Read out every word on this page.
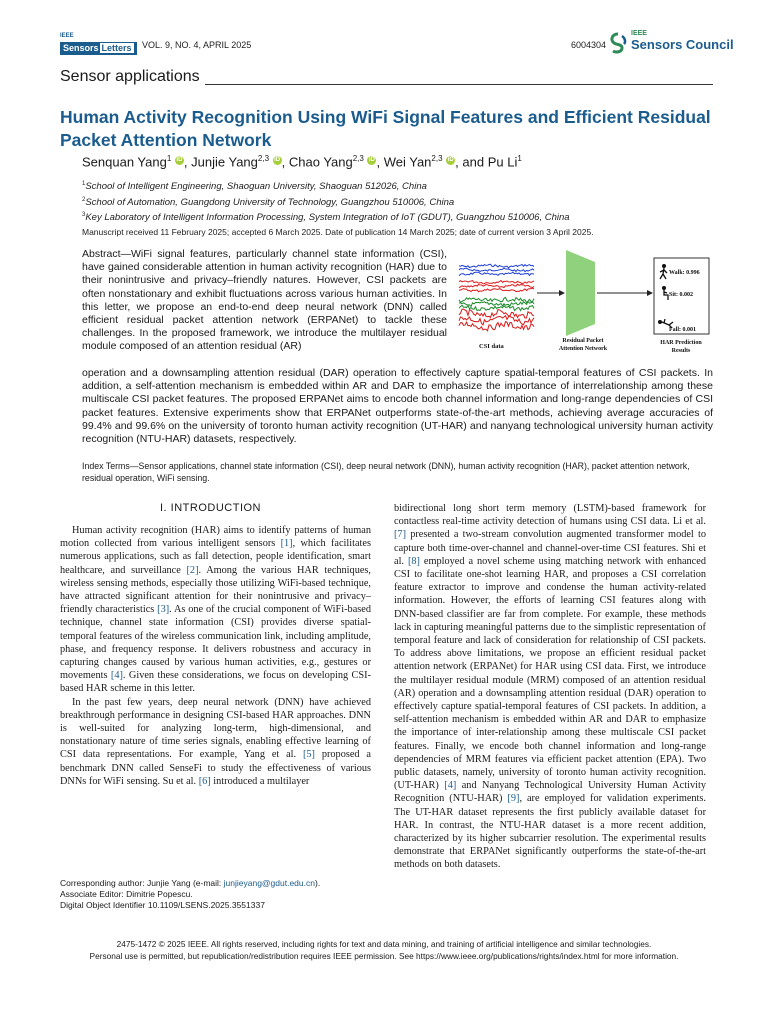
IEEE
Sensors Letters	VOL. 9, NO. 4, APRIL 2025	6004304
IEEE
Sensors Council
Sensor applications
Human Activity Recognition Using WiFi Signal Features and Efficient Residual Packet Attention Network
Senquan Yang$^1$ iD , Junjie Yang$^{2,3}$ iD , Chao Yang$^{2,3}$ iD , Wei Yan$^{2,3}$ iD , and Pu Li$^1$
$^1$School of Intelligent Engineering, Shaoguan University, Shaoguan 512026, China
$^2$School of Automation, Guangdong University of Technology, Guangzhou 510006, China
$^3$Key Laboratory of Intelligent Information Processing, System Integration of IoT (GDUT), Guangzhou 510006, China
Manuscript received 11 February 2025; accepted 6 March 2025. Date of publication 14 March 2025; date of current version 3 April 2025.
Abstract—WiFi signal features, particularly channel state information (CSI), have gained considerable attention in human activity recognition (HAR) due to their nonintrusive and privacy–friendly natures. However, CSI packets are often nonstationary and exhibit fluctuations across various human activities. In this letter, we propose an end-to-end deep neural network (DNN) called efficient residual packet attention network (ERPANet) to tackle these challenges. In the proposed framework, we introduce the multilayer residual module composed of an attention residual (AR)	CSI data
Residual Packet
Attention Network
Walk: 0.996
Sit: 0.002
Fall: 0.001
HAR Prediction
Results
operation and a downsampling attention residual (DAR) operation to effectively capture spatial-temporal features of CSI packets. In addition, a self-attention mechanism is embedded within AR and DAR to emphasize the importance of interrelationship among these multiscale CSI packet features. The proposed ERPANet aims to encode both channel information and long-range dependencies of CSI packet features. Extensive experiments show that ERPANet outperforms state-of-the-art methods, achieving average accuracies of 99.4% and 99.6% on the university of toronto human activity recognition (UT-HAR) and nanyang technological university human activity recognition (NTU-HAR) datasets, respectively.
Index Terms—Sensor applications, channel state information (CSI), deep neural network (DNN), human activity recognition (HAR), packet attention network, residual operation, WiFi sensing.
I. INTRODUCTION

Human activity recognition (HAR) aims to identify patterns of human motion collected from various intelligent sensors [1], which facilitates numerous applications, such as fall detection, people identification, smart healthcare, and surveillance [2]. Among the various HAR techniques, wireless sensing methods, especially those utilizing WiFi-based technique, have attracted significant attention for their nonintrusive and privacy–friendly characteristics [3]. As one of the crucial component of WiFi-based technique, channel state information (CSI) provides diverse spatial-temporal features of the wireless communication link, including amplitude, phase, and frequency response. It delivers robustness and accuracy in capturing changes caused by various human activities, e.g., gestures or movements [4]. Given these considerations, we focus on developing CSI-based HAR scheme in this letter.

In the past few years, deep neural network (DNN) have achieved breakthrough performance in designing CSI-based HAR approaches. DNN is well-suited for analyzing long-term, high-dimensional, and nonstationary nature of time series signals, enabling effective learning of CSI data representations. For example, Yang et al. [5] proposed a benchmark DNN called SenseFi to study the effectiveness of various DNNs for WiFi sensing. Su et al. [6] introduced a multilayer

bidirectional long short term memory (LSTM)-based framework for contactless real-time activity detection of humans using CSI data. Li et al. [7] presented a two-stream convolution augmented transformer model to capture both time-over-channel and channel-over-time CSI features. Shi et al. [8] employed a novel scheme using matching network with enhanced CSI to facilitate one-shot learning HAR, and proposes a CSI correlation feature extractor to improve and condense the human activity-related information. However, the efforts of learning CSI features along with DNN-based classifier are far from complete. For example, these methods lack in capturing meaningful patterns due to the simplistic representation of temporal feature and lack of consideration for relationship of CSI packets. To address above limitations, we propose an efficient residual packet attention network (ERPANet) for HAR using CSI data. First, we introduce the multilayer residual module (MRM) composed of an attention residual (AR) operation and a downsampling attention residual (DAR) operation to effectively capture spatial-temporal features of CSI packets. In addition, a self-attention mechanism is embedded within AR and DAR to emphasize the importance of inter-relationship among these multiscale CSI packet features. Finally, we encode both channel information and long-range dependencies of MRM features via efficient packet attention (EPA). Two public datasets, namely, university of toronto human activity recognition. (UT-HAR) [4] and Nanyang Technological University Human Activity Recognition (NTU-HAR) [9], are employed for validation experiments. The UT-HAR dataset represents the first publicly available dataset for HAR. In contrast, the NTU-HAR dataset is a more recent addition, characterized by its higher subcarrier resolution. The experimental results demonstrate that ERPANet significantly outperforms the state-of-the-art methods on both datasets.

Corresponding author: Junjie Yang (e-mail: junjieyang@gdut.edu.cn).
Associate Editor: Dimitrie Popescu.
Digital Object Identifier 10.1109/LSENS.2025.3551337
2475-1472 © 2025 IEEE. All rights reserved, including rights for text and data mining, and training of artificial intelligence and similar technologies.
Personal use is permitted, but republication/redistribution requires IEEE permission. See https://www.ieee.org/publications/rights/index.html for more information.
